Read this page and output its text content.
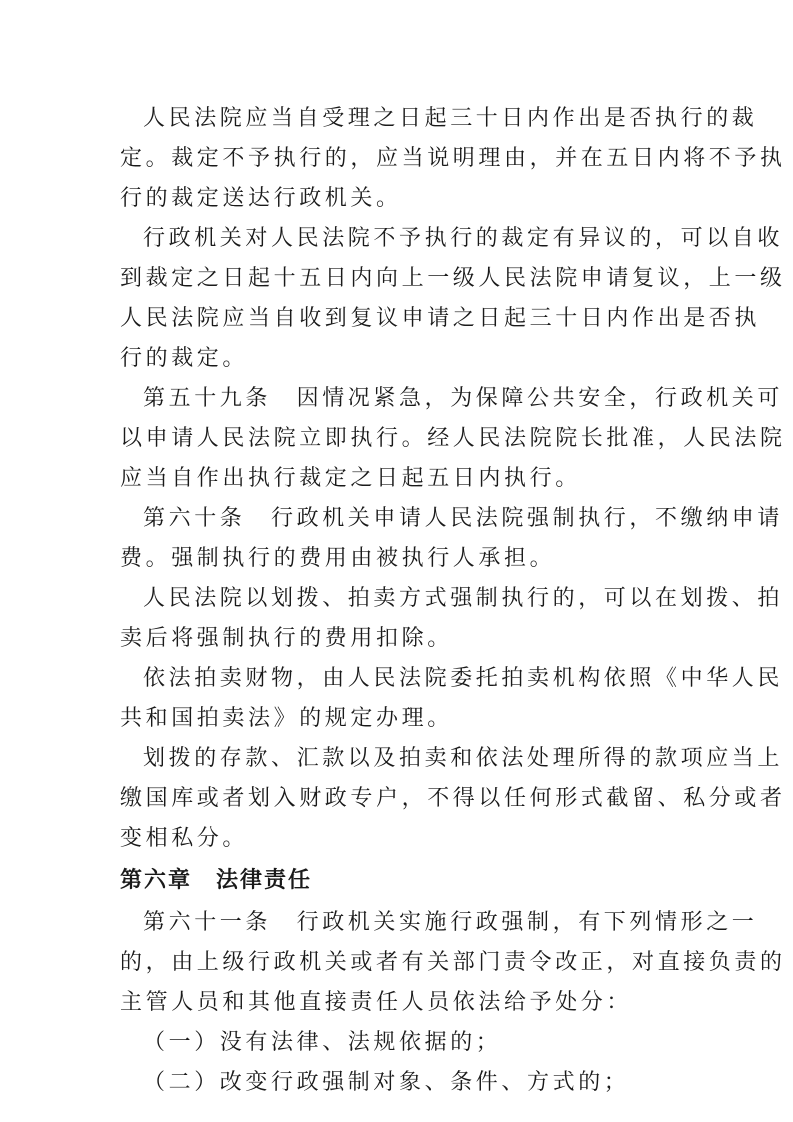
人民法院应当自受理之日起三十日内作出是否执行的裁
定。裁定不予执行的，应当说明理由，并在五日内将不予执
行的裁定送达行政机关。
行政机关对人民法院不予执行的裁定有异议的，可以自收
到裁定之日起十五日内向上一级人民法院申请复议，上一级
人民法院应当自收到复议申请之日起三十日内作出是否执
行的裁定。
第五十九条　因情况紧急，为保障公共安全，行政机关可
以申请人民法院立即执行。经人民法院院长批准，人民法院
应当自作出执行裁定之日起五日内执行。
第六十条　行政机关申请人民法院强制执行，不缴纳申请
费。强制执行的费用由被执行人承担。
人民法院以划拨、拍卖方式强制执行的，可以在划拨、拍
卖后将强制执行的费用扣除。
依法拍卖财物，由人民法院委托拍卖机构依照《中华人民
共和国拍卖法》的规定办理。
划拨的存款、汇款以及拍卖和依法处理所得的款项应当上
缴国库或者划入财政专户，不得以任何形式截留、私分或者
变相私分。
第六章　法律责任
第六十一条　行政机关实施行政强制，有下列情形之一
的，由上级行政机关或者有关部门责令改正，对直接负责的
主管人员和其他直接责任人员依法给予处分：
（一）没有法律、法规依据的；
（二）改变行政强制对象、条件、方式的；
